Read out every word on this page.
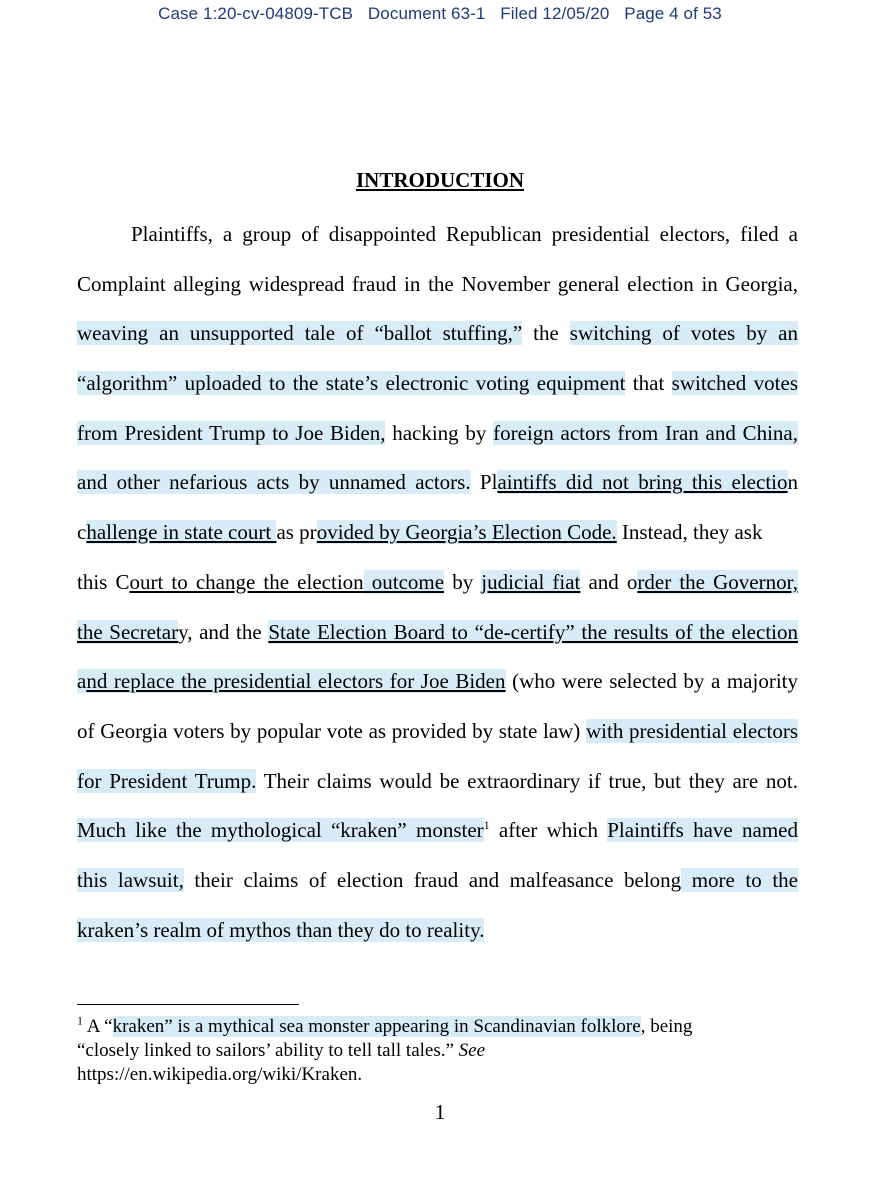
Case 1:20-cv-04809-TCB Document 63-1 Filed 12/05/20 Page 4 of 53
INTRODUCTION
Plaintiffs, a group of disappointed Republican presidential electors, filed a
Complaint alleging widespread fraud in the November general election in Georgia,
weaving an unsupported tale of “ballot stuffing,” the switching of votes by an
“algorithm” uploaded to the state’s electronic voting equipment that switched votes
from President Trump to Joe Biden, hacking by foreign actors from Iran and China,
and other nefarious acts by unnamed actors. Plaintiffs did not bring this election
challenge in state court as provided by Georgia’s Election Code. Instead, they ask
this Court to change the election outcome by judicial fiat and order the Governor,
the Secretary, and the State Election Board to “de-certify” the results of the election
and replace the presidential electors for Joe Biden (who were selected by a majority
of Georgia voters by popular vote as provided by state law) with presidential electors
for President Trump. Their claims would be extraordinary if true, but they are not.
Much like the mythological “kraken” monster$^1$ after which Plaintiffs have named
this lawsuit, their claims of election fraud and malfeasance belong more to the
kraken’s realm of mythos than they do to reality.
$^1$ A “kraken” is a mythical sea monster appearing in Scandinavian folklore, being
“closely linked to sailors’ ability to tell tall tales.” See
https://en.wikipedia.org/wiki/Kraken.
1
